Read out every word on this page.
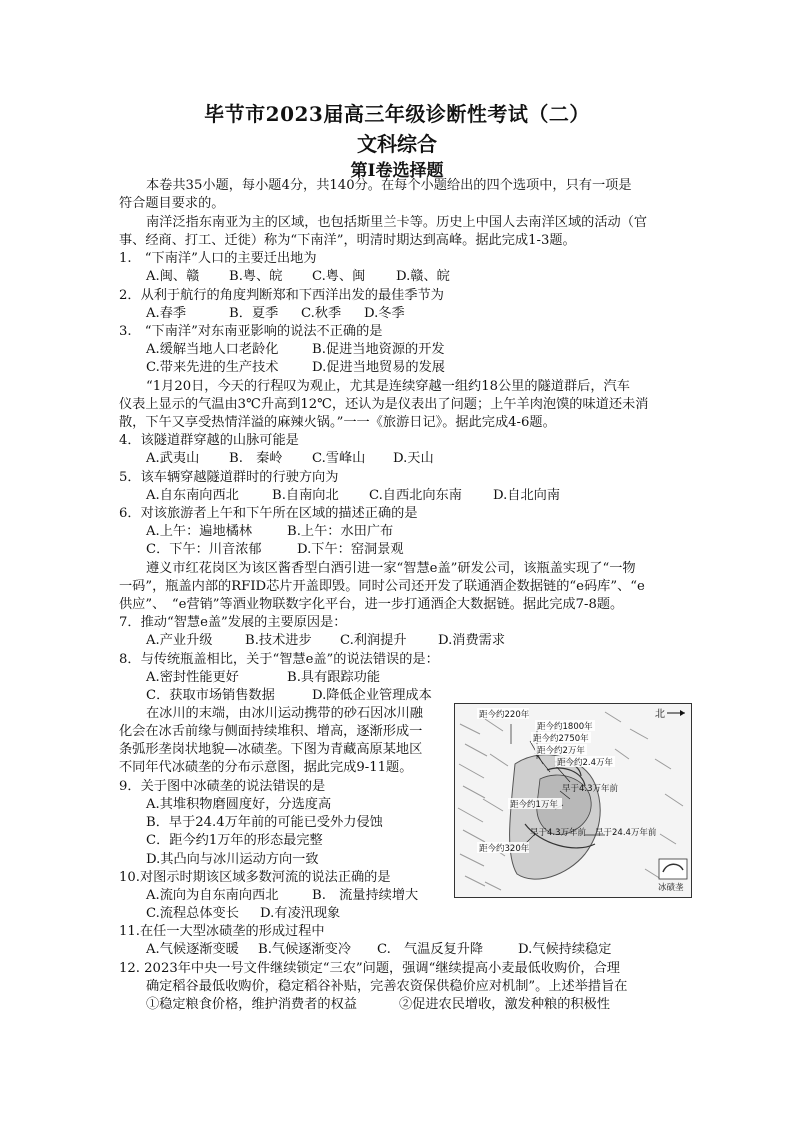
毕节市2023届高三年级诊断性考试（二）
文科综合
第Ⅰ卷选择题
本卷共35小题，每小题4分，共140分。在每个小题给出的四个选项中，只有一项是
符合题目要求的。
南洋泛指东南亚为主的区域，也包括斯里兰卡等。历史上中国人去南洋区域的活动（官
事、经商、打工、迁徙）称为“下南洋”，明清时期达到高峰。据此完成1-3题。
1.　“下南洋”人口的主要迁出地为
A.闽、赣 B.粤、皖 C.粤、闽 D.赣、皖
2．从利于航行的角度判断郑和下西洋出发的最佳季节为
A.春季	B．夏季 C.秋季 D.冬季
3.　“下南洋”对东南亚影响的说法不正确的是
A.缓解当地人口老龄化	B.促进当地资源的开发
C.带来先进的生产技术	D.促进当地贸易的发展
“1月20日，今天的行程叹为观止，尤其是连续穿越一组约18公里的隧道群后，汽车
仪表上显示的气温由3℃升高到12℃，还认为是仪表出了问题；上午羊肉泡馍的味道还未消
散，下午又享受热情洋溢的麻辣火锅。”一一《旅游日记》。据此完成4-6题。
4．该隧道群穿越的山脉可能是
A.武夷山 B.　秦岭 C.雪峰山 D.天山
5．该车辆穿越隧道群时的行驶方向为
A.自东南向西北	B.自南向北 C.自西北向东南 D.自北向南
6．对该旅游者上午和下午所在区域的描述正确的是
A.上午：遍地橘林	B.上午：水田广布
C．下午：川音浓郁	D.下午：窑洞景观
遵义市红花岗区为该区酱香型白酒引进一家“智慧e盖”研发公司，该瓶盖实现了“一物
一码”，瓶盖内部的RFID芯片开盖即毁。同时公司还开发了联通酒企数据链的“e码库”、“e
供应”、　“e营销”等酒业物联数字化平台，进一步打通酒企大数据链。据此完成7-8题。
7．推动“智慧e盖”发展的主要原因是：
A.产业升级 B.技术进步 C.利润提升 D.消费需求
8．与传统瓶盖相比，关于“智慧e盖”的说法错误的是：
A.密封性能更好	B.具有跟踪功能
C．获取市场销售数据	D.降低企业管理成本
在冰川的末端，由冰川运动携带的砂石因冰川融
化会在冰舌前缘与侧面持续堆积、增高，逐渐形成一
条弧形垄岗状地貌—冰碛垄。下图为青藏高原某地区
不同年代冰碛垄的分布示意图，据此完成9-11题。
距今约220年
距今约1800年
距今约2750年
距今约2万年
距今约2.4万年
早于4.3万年前
距今约1万年
早于4.3万年前 早于24.4万年前
距今约320年
北
冰碛垄
9．关于图中冰碛垄的说法错误的是
A.其堆积物磨圆度好，分选度高
B．早于24.4万年前的可能已受外力侵蚀
C．距今约1万年的形态最完整
D.其凸向与冰川运动方向一致
10.对图示时期该区域多数河流的说法正确的是
A.流向为自东南向西北	B.　流量持续增大
C.流程总体变长 D.有凌汛现象
11.在任一大型冰碛垄的形成过程中
A.气候逐渐变暖 B.气候逐渐变冷 C.　气温反复升降	D.气候持续稳定
12. 2023年中央一号文件继续锁定“三农”问题，强调“继续提高小麦最低收购价，合理
确定稻谷最低收购价，稳定稻谷补贴，完善农资保供稳价应对机制”。上述举措旨在
①稳定粮食价格，维护消费者的权益	②促进农民增收，激发种粮的积极性
